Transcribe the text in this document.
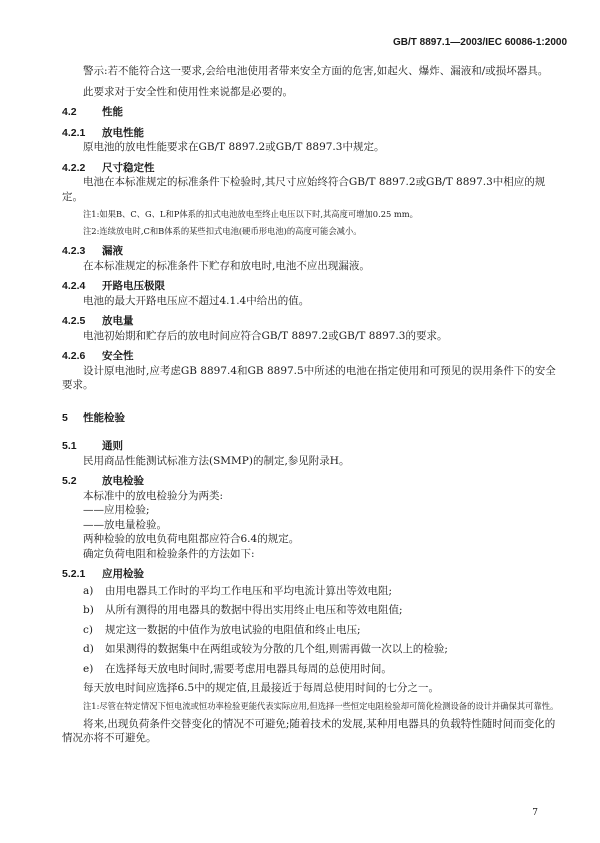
GB/T 8897.1—2003/IEC 60086-1:2000

警示:若不能符合这一要求,会给电池使用者带来安全方面的危害,如起火、爆炸、漏液和/或损坏器具。

此要求对于安全性和使用性来说都是必要的。

4.2 性能
4.2.1 放电性能
原电池的放电性能要求在GB/T 8897.2或GB/T 8897.3中规定。
4.2.2 尺寸稳定性

电池在本标准规定的标准条件下检验时,其尺寸应始终符合GB/T 8897.2或GB/T 8897.3中相应的规定。

注1:如果B、C、G、L和P体系的扣式电池放电至终止电压以下时,其高度可增加0.25 mm。
注2:连续放电时,C和B体系的某些扣式电池(硬币形电池)的高度可能会减小。
4.2.3 漏液
在本标准规定的标准条件下贮存和放电时,电池不应出现漏液。
4.2.4 开路电压极限
电池的最大开路电压应不超过4.1.4中给出的值。
4.2.5 放电量
电池初始期和贮存后的放电时间应符合GB/T 8897.2或GB/T 8897.3的要求。
4.2.6 安全性

设计原电池时,应考虑GB 8897.4和GB 8897.5中所述的电池在指定使用和可预见的误用条件下的安全要求。

5 性能检验
5.1 通则
民用商品性能测试标准方法(SMMP)的制定,参见附录H。
5.2 放电检验
本标准中的放电检验分为两类:
——应用检验;
——放电量检验。
两种检验的放电负荷电阻都应符合6.4的规定。
确定负荷电阻和检验条件的方法如下:
5.2.1 应用检验
a)	由用电器具工作时的平均工作电压和平均电流计算出等效电阻;
b)	从所有测得的用电器具的数据中得出实用终止电压和等效电阻值;
c)	规定这一数据的中值作为放电试验的电阻值和终止电压;
d)	如果测得的数据集中在两组或较为分散的几个组,则需再做一次以上的检验;
e)	在选择每天放电时间时,需要考虑用电器具每周的总使用时间。
每天放电时间应选择6.5中的规定值,且最接近于每周总使用时间的七分之一。
注1:尽管在特定情况下恒电流或恒功率检验更能代表实际应用,但选择一些恒定电阻检验却可简化检测设备的设计并确保其可靠性。

将来,出现负荷条件交替变化的情况不可避免;随着技术的发展,某种用电器具的负载特性随时间而变化的情况亦将不可避免。

7
